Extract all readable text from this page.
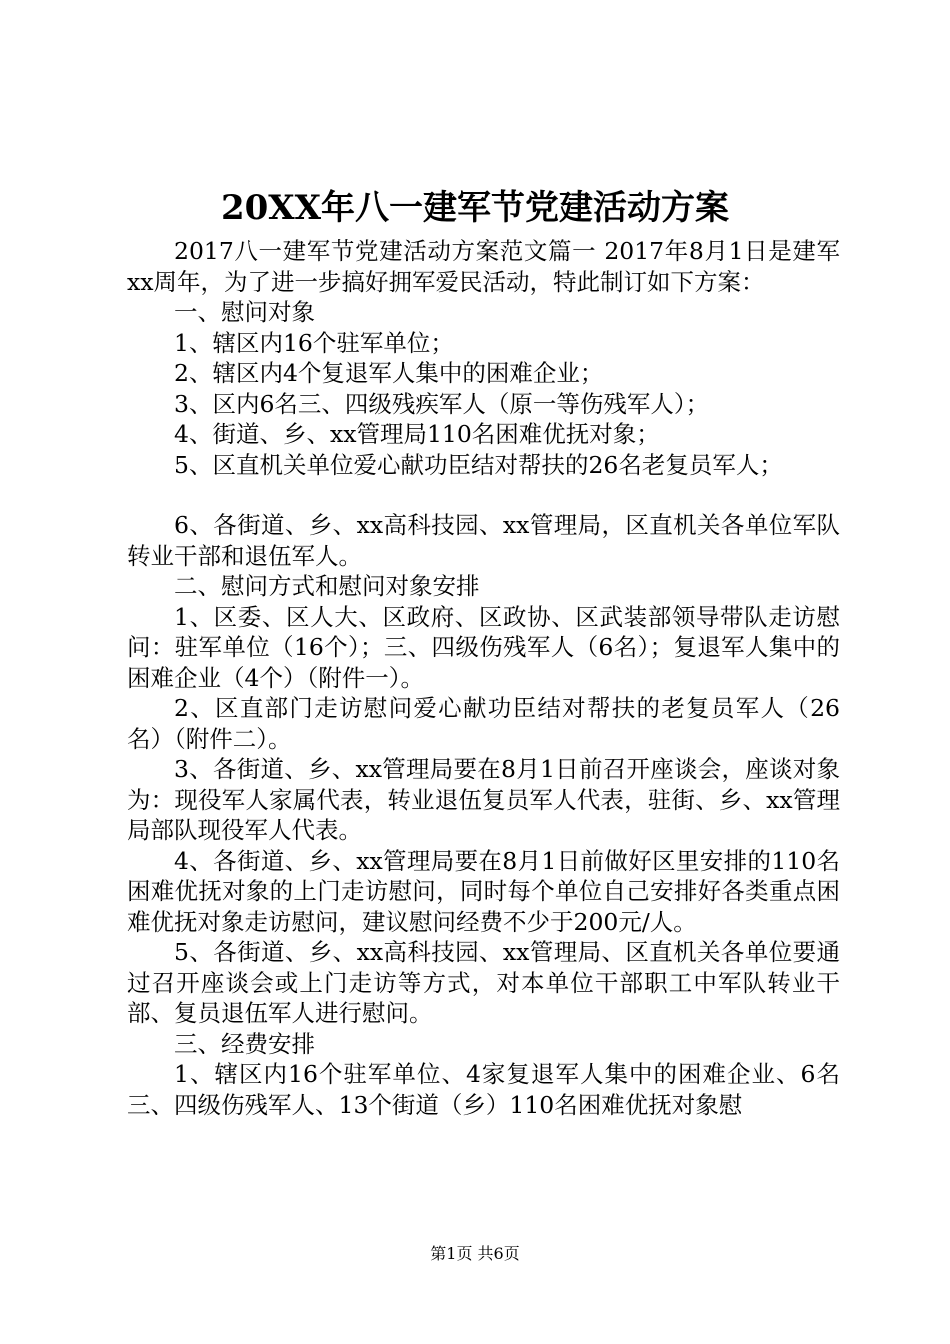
20XX年八一建军节党建活动方案

2017八一建军节党建活动方案范文篇一 2017年8月1日是建军xx周年，为了进一步搞好拥军爱民活动，特此制订如下方案：

一、慰问对象

1、辖区内16个驻军单位；

2、辖区内4个复退军人集中的困难企业；

3、区内6名三、四级残疾军人（原一等伤残军人）；

4、街道、乡、xx管理局110名困难优抚对象；

5、区直机关单位爱心献功臣结对帮扶的26名老复员军人；

6、各街道、乡、xx高科技园、xx管理局，区直机关各单位军队转业干部和退伍军人。

二、慰问方式和慰问对象安排

1、区委、区人大、区政府、区政协、区武装部领导带队走访慰问：驻军单位（16个）；三、四级伤残军人（6名）；复退军人集中的困难企业（4个）（附件一）。

2、区直部门走访慰问爱心献功臣结对帮扶的老复员军人（26名）（附件二）。

3、各街道、乡、xx管理局要在8月1日前召开座谈会，座谈对象为：现役军人家属代表，转业退伍复员军人代表，驻街、乡、xx管理局部队现役军人代表。

4、各街道、乡、xx管理局要在8月1日前做好区里安排的110名困难优抚对象的上门走访慰问，同时每个单位自己安排好各类重点困难优抚对象走访慰问，建议慰问经费不少于200元/人。

5、各街道、乡、xx高科技园、xx管理局、区直机关各单位要通过召开座谈会或上门走访等方式，对本单位干部职工中军队转业干部、复员退伍军人进行慰问。

三、经费安排

1、辖区内16个驻军单位、4家复退军人集中的困难企业、6名三、四级伤残军人、13个街道（乡）110名困难优抚对象慰

第1页 共6页
